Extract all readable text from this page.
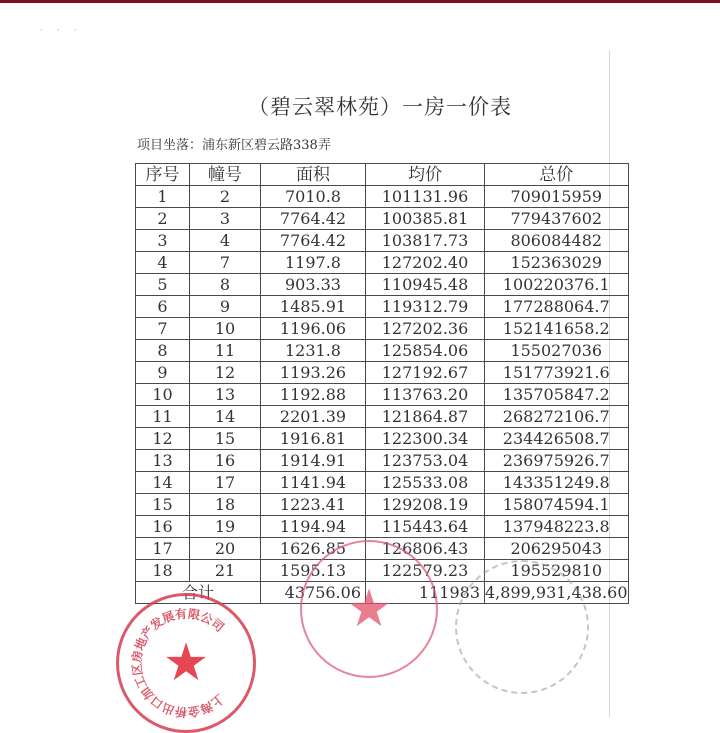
· · ·
（碧云翠林苑）一房一价表
项目坐落：浦东新区碧云路338弄
序号	幢号	面积	均价	总价
1	2	7010.8	101131.96	709015959
2	3	7764.42	100385.81	779437602
3	4	7764.42	103817.73	806084482
4	7	1197.8	127202.40	152363029
5	8	903.33	110945.48	100220376.1
6	9	1485.91	119312.79	177288064.7
7	10	1196.06	127202.36	152141658.2
8	11	1231.8	125854.06	155027036
9	12	1193.26	127192.67	151773921.6
10	13	1192.88	113763.20	135705847.2
11	14	2201.39	121864.87	268272106.7
12	15	1916.81	122300.34	234426508.7
13	16	1914.91	123753.04	236975926.7
14	17	1141.94	125533.08	143351249.8
15	18	1223.41	129208.19	158074594.1
16	19	1194.94	115443.64	137948223.8
17	20	1626.85	126806.43	206295043
18	21	1595.13	122579.23	195529810
合计		43756.06	111983	4,899,931,438.60
上
海
金
桥
出
口
加
工
区
房
地
产
发
展
有 限
公
司
★
★
